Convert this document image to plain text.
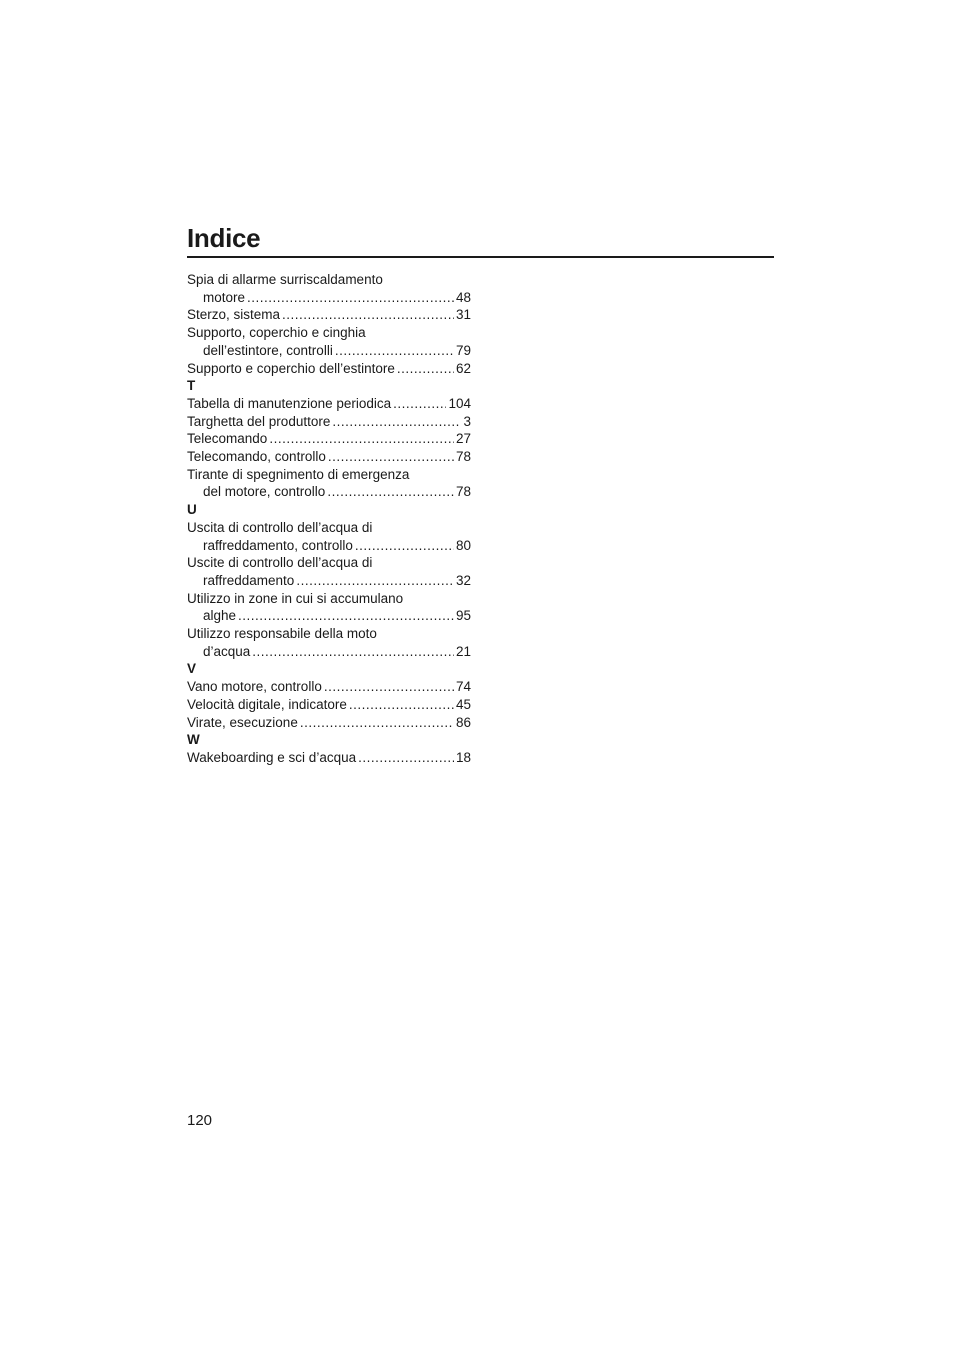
Indice
Spia di allarme surriscaldamento
motore .....	48
Sterzo, sistema .....	31
Supporto, coperchio e cinghia
dell’estintore, controlli .....	79
Supporto e coperchio dell’estintore .....	62
T
Tabella di manutenzione periodica .....	104
Targhetta del produttore .....	3
Telecomando .....	27
Telecomando, controllo .....	78
Tirante di spegnimento di emergenza
del motore, controllo .....	78
U
Uscita di controllo dell’acqua di
raffreddamento, controllo .....	80
Uscite di controllo dell’acqua di
raffreddamento .....	32
Utilizzo in zone in cui si accumulano
alghe .....	95
Utilizzo responsabile della moto
d’acqua .....	21
V
Vano motore, controllo .....	74
Velocità digitale, indicatore .....	45
Virate, esecuzione .....	86
W
Wakeboarding e sci d’acqua .....	18
120
